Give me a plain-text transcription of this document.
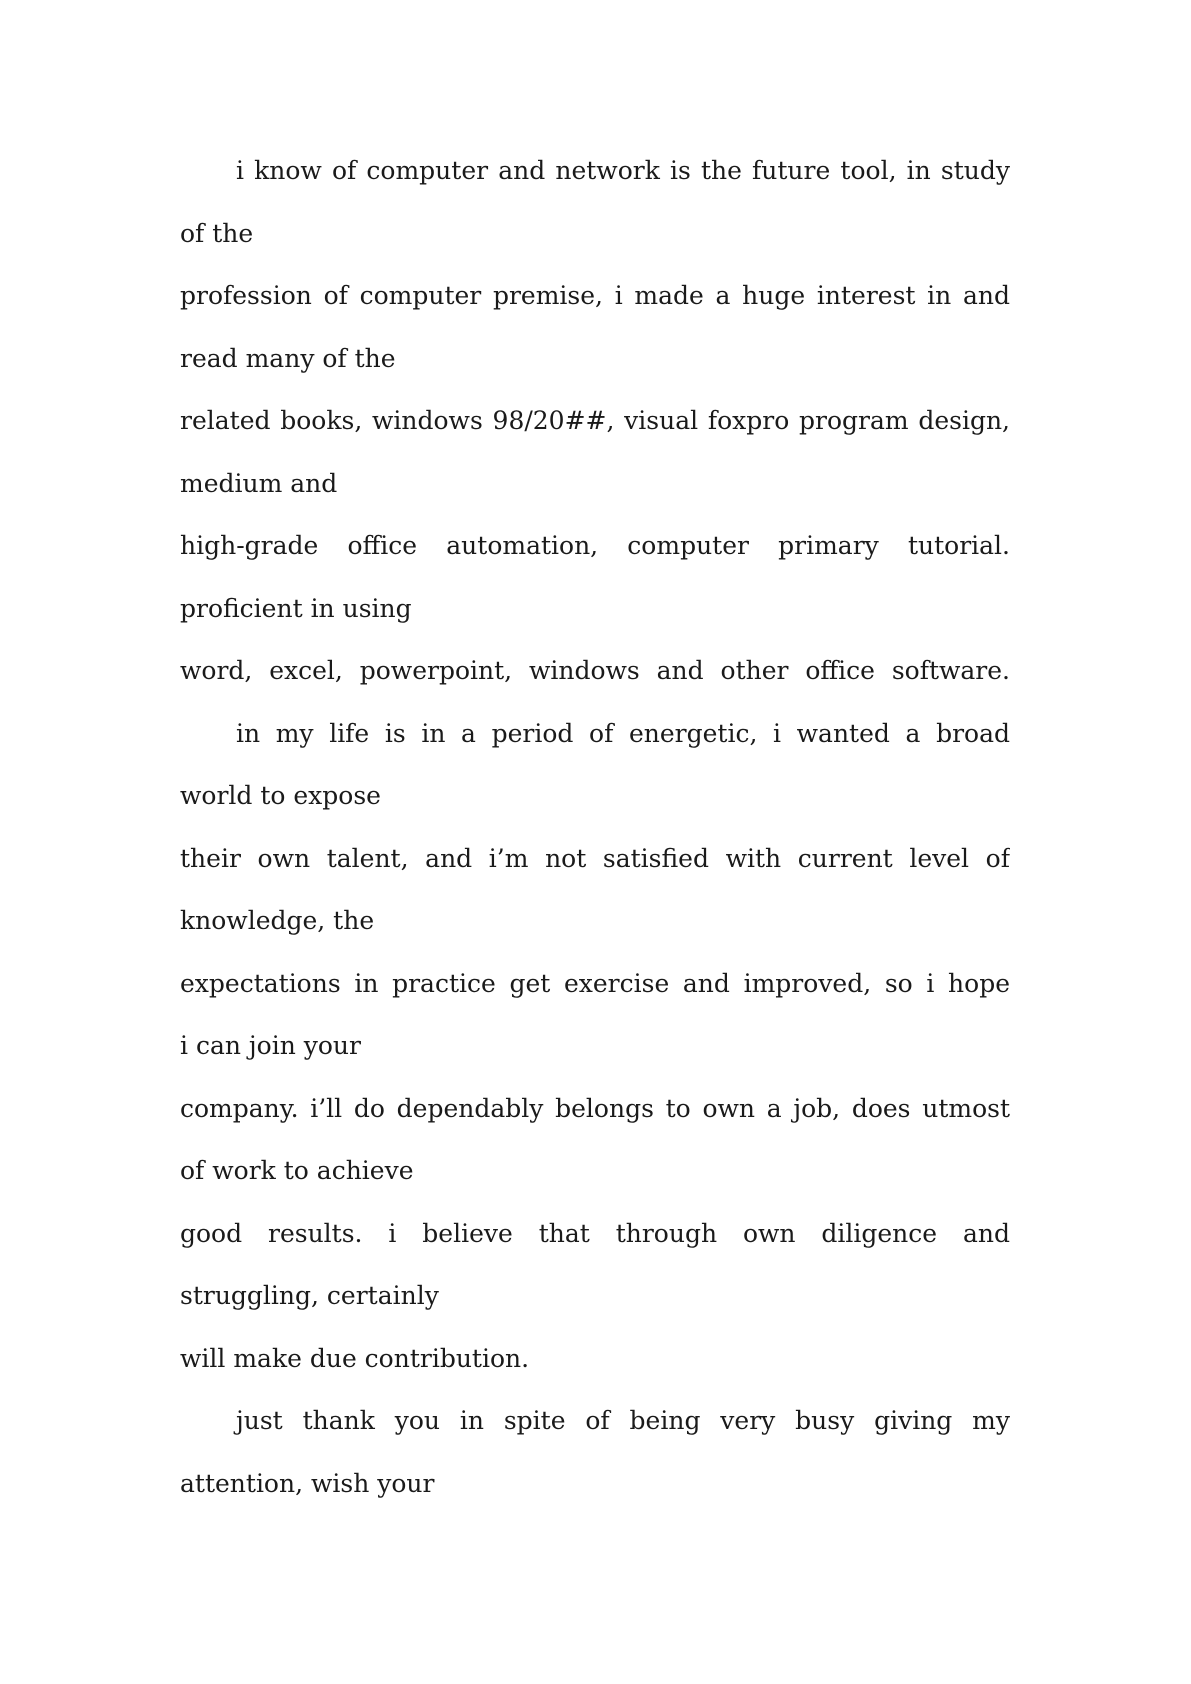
i know of computer and network is the future tool, in study
of the
profession of computer premise, i made a huge interest in and
read many of the
related books, windows 98/20##, visual foxpro program design,
medium and
high-grade office automation, computer primary tutorial.
proficient in using
word, excel, powerpoint, windows and other office software.
in my life is in a period of energetic, i wanted a broad
world to expose
their own talent, and i’m not satisfied with current level of
knowledge, the
expectations in practice get exercise and improved, so i hope
i can join your
company. i’ll do dependably belongs to own a job, does utmost
of work to achieve
good results. i believe that through own diligence and
struggling, certainly
will make due contribution.
just thank you in spite of being very busy giving my
attention, wish your
